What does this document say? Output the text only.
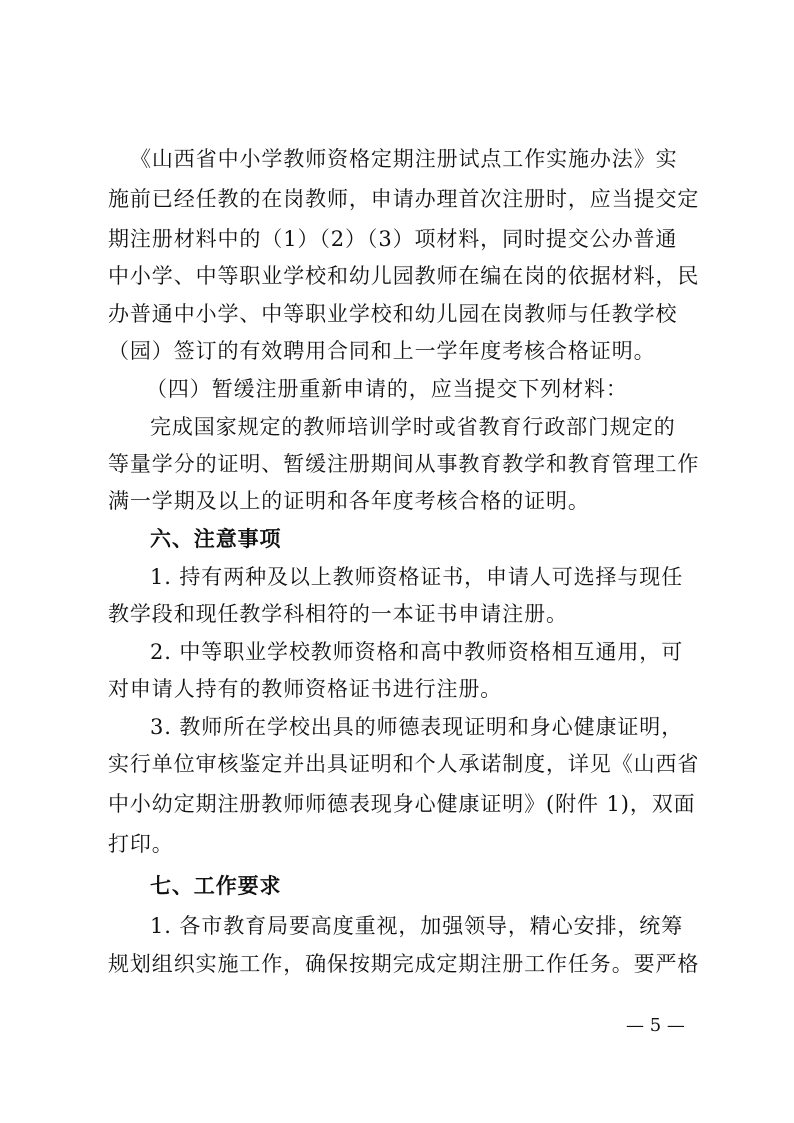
《山西省中小学教师资格定期注册试点工作实施办法》实
施前已经任教的在岗教师，申请办理首次注册时，应当提交定
期注册材料中的（1）（2）（3）项材料，同时提交公办普通
中小学、中等职业学校和幼儿园教师在编在岗的依据材料，民
办普通中小学、中等职业学校和幼儿园在岗教师与任教学校
（园）签订的有效聘用合同和上一学年度考核合格证明。
（四）暂缓注册重新申请的，应当提交下列材料：
完成国家规定的教师培训学时或省教育行政部门规定的
等量学分的证明、暂缓注册期间从事教育教学和教育管理工作
满一学期及以上的证明和各年度考核合格的证明。
六、注意事项
1. 持有两种及以上教师资格证书，申请人可选择与现任
教学段和现任教学科相符的一本证书申请注册。
2. 中等职业学校教师资格和高中教师资格相互通用，可
对申请人持有的教师资格证书进行注册。
3. 教师所在学校出具的师德表现证明和身心健康证明，
实行单位审核鉴定并出具证明和个人承诺制度，详见《山西省
中小幼定期注册教师师德表现身心健康证明》(附件 1)，双面
打印。
七、工作要求
1. 各市教育局要高度重视，加强领导，精心安排，统筹
规划组织实施工作，确保按期完成定期注册工作任务。要严格
— 5 —
